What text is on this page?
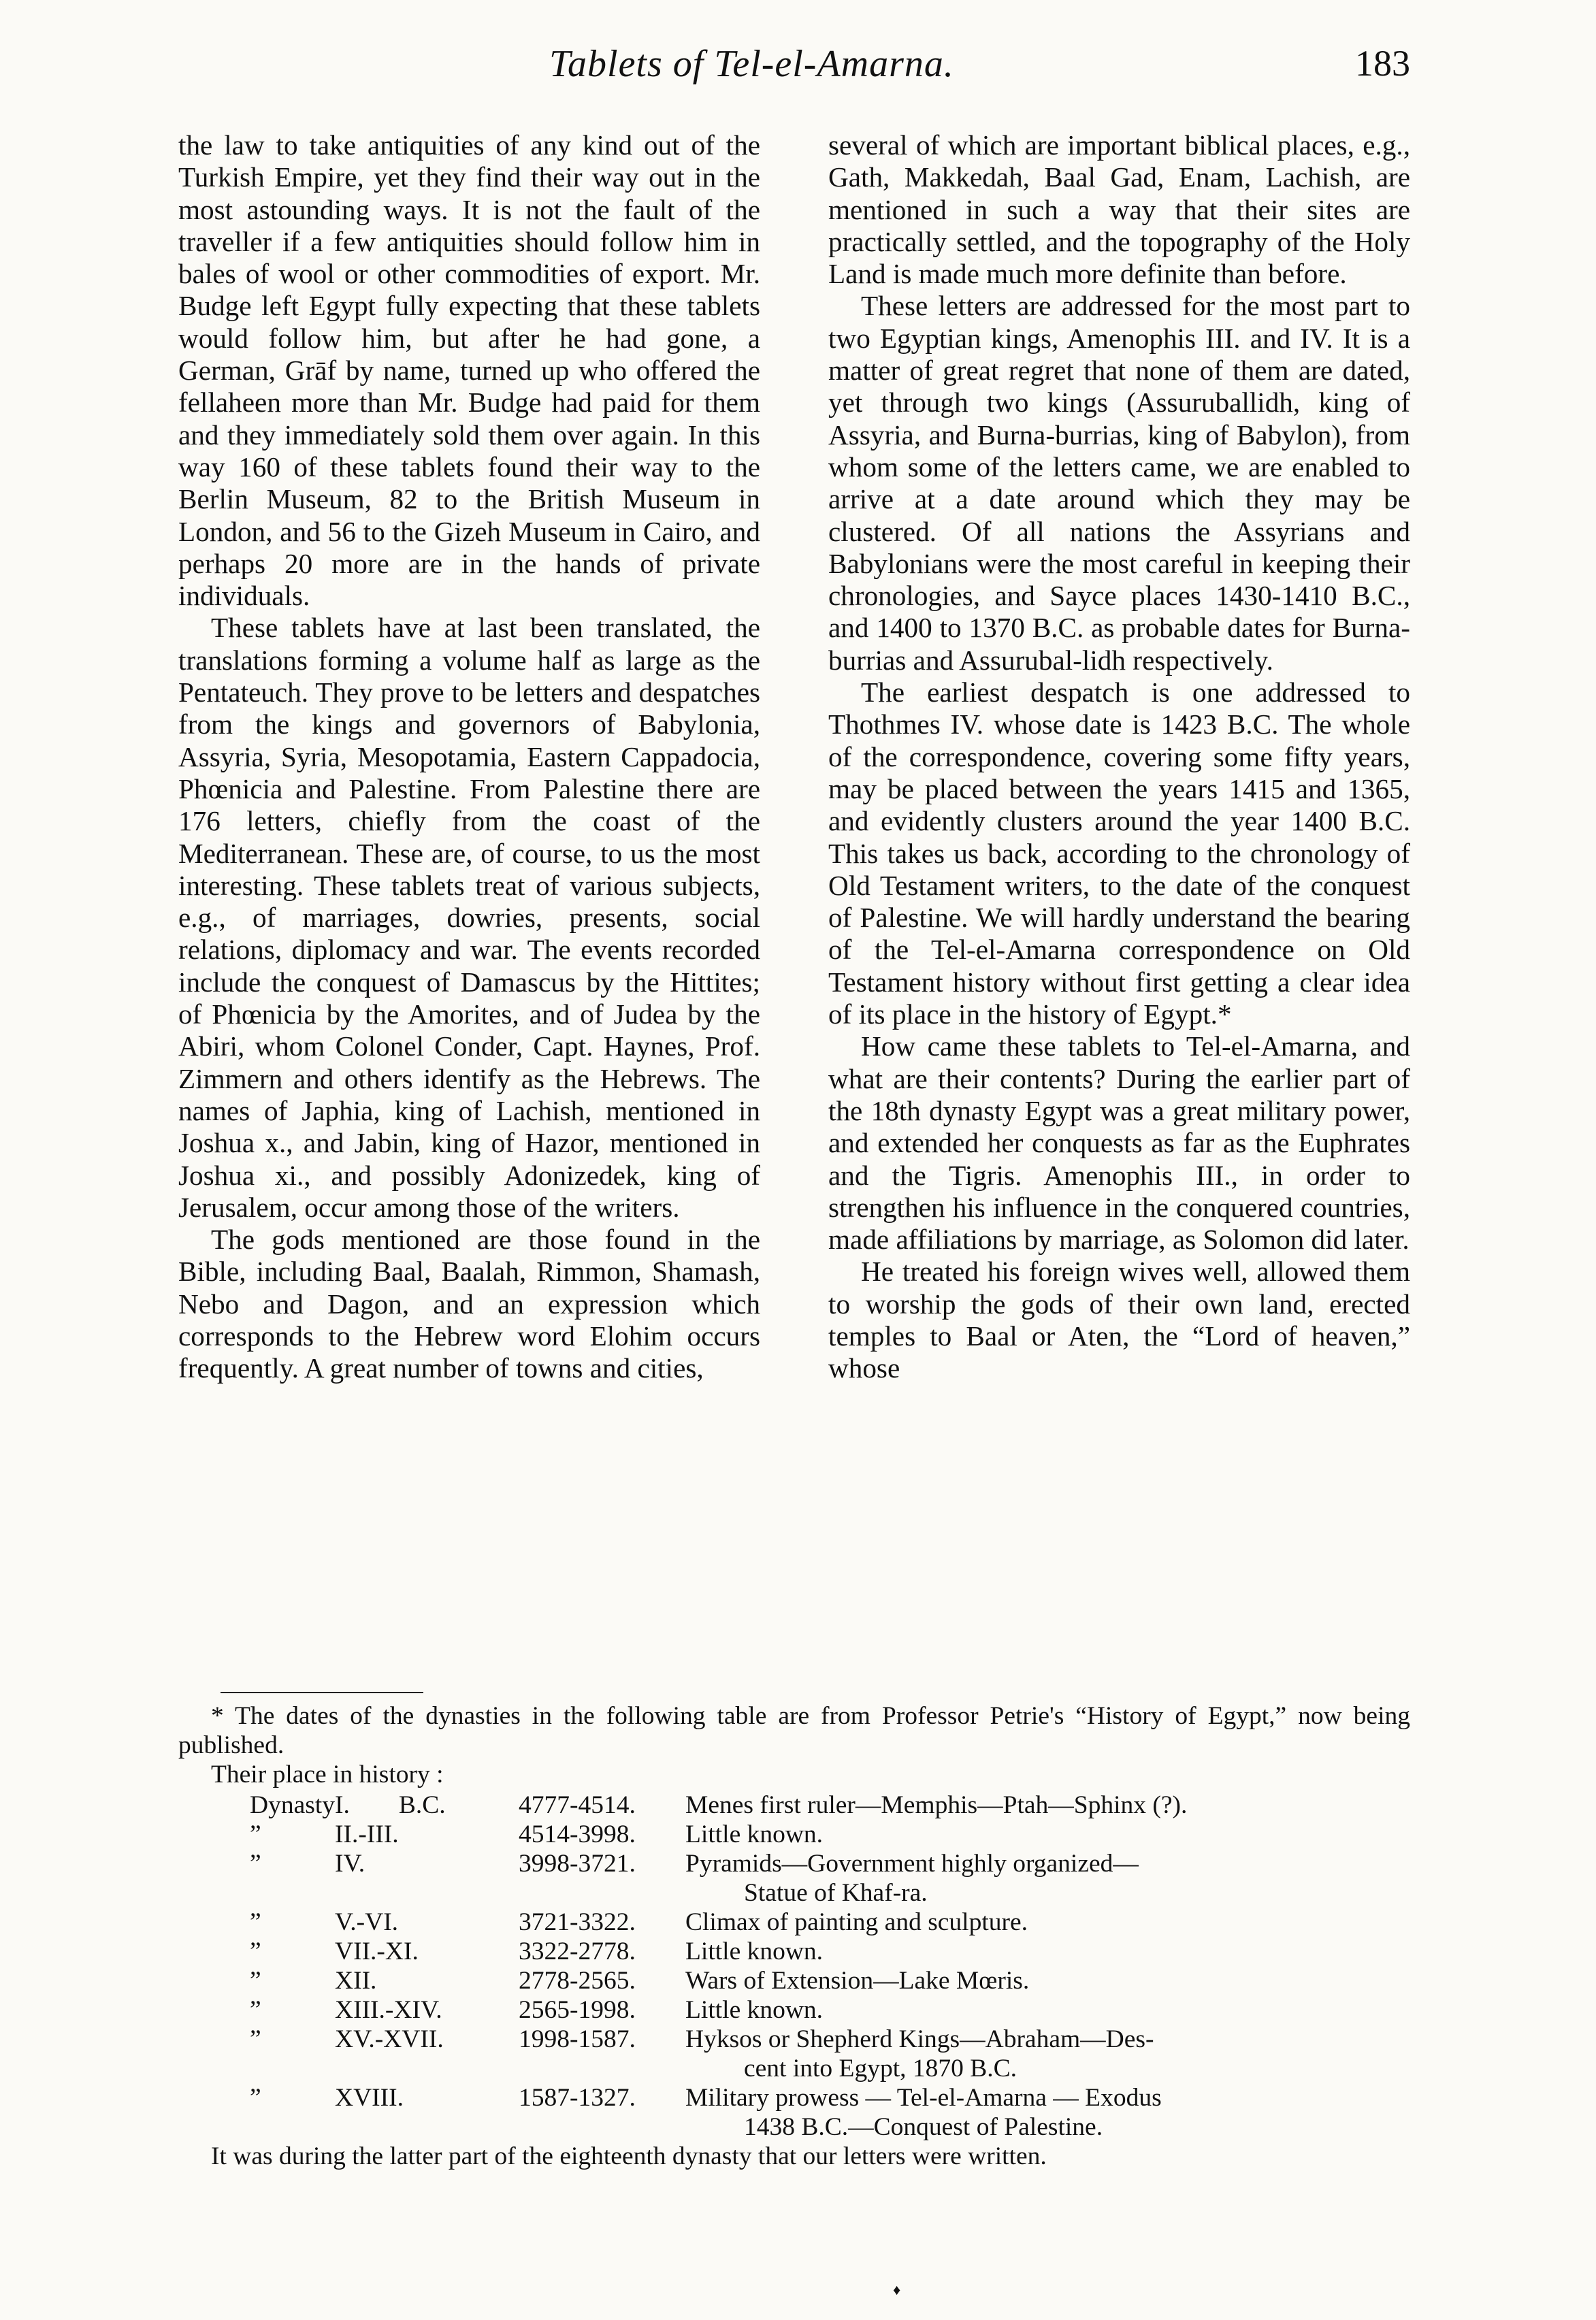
Tablets of Tel-el-Amarna.	183

the law to take antiquities of any kind out of the Turkish Empire, yet they find their way out in the most astounding ways. It is not the fault of the traveller if a few antiquities should follow him in bales of wool or other commodities of export. Mr. Budge left Egypt fully expecting that these tablets would follow him, but after he had gone, a German, Grāf by name, turned up who offered the fellaheen more than Mr. Budge had paid for them and they immediately sold them over again. In this way 160 of these tablets found their way to the Berlin Museum, 82 to the British Museum in London, and 56 to the Gizeh Museum in Cairo, and perhaps 20 more are in the hands of private individuals.

These tablets have at last been translated, the translations forming a volume half as large as the Pentateuch. They prove to be letters and despatches from the kings and governors of Babylonia, Assyria, Syria, Mesopotamia, Eastern Cappadocia, Phœnicia and Palestine. From Palestine there are 176 letters, chiefly from the coast of the Mediterranean. These are, of course, to us the most interesting. These tablets treat of various subjects, e.g., of marriages, dowries, presents, social relations, diplomacy and war. The events recorded include the conquest of Damascus by the Hittites; of Phœnicia by the Amorites, and of Judea by the Abiri, whom Colonel Conder, Capt. Haynes, Prof. Zimmern and others identify as the Hebrews. The names of Japhia, king of Lachish, mentioned in Joshua x., and Jabin, king of Hazor, mentioned in Joshua xi., and possibly Adonizedek, king of Jerusalem, occur among those of the writers.

The gods mentioned are those found in the Bible, including Baal, Baalah, Rimmon, Shamash, Nebo and Dagon, and an expression which corresponds to the Hebrew word Elohim occurs frequently. A great number of towns and cities,

several of which are important biblical places, e.g., Gath, Makkedah, Baal Gad, Enam, Lachish, are mentioned in such a way that their sites are practically settled, and the topography of the Holy Land is made much more definite than before.

These letters are addressed for the most part to two Egyptian kings, Amenophis III. and IV. It is a matter of great regret that none of them are dated, yet through two kings (Assuruballidh, king of Assyria, and Burna-burrias, king of Babylon), from whom some of the letters came, we are enabled to arrive at a date around which they may be clustered. Of all nations the Assyrians and Babylonians were the most careful in keeping their chronologies, and Sayce places 1430-1410 B.C., and 1400 to 1370 B.C. as probable dates for Burna-burrias and Assurubal-lidh respectively.

The earliest despatch is one addressed to Thothmes IV. whose date is 1423 B.C. The whole of the correspondence, covering some fifty years, may be placed between the years 1415 and 1365, and evidently clusters around the year 1400 B.C. This takes us back, according to the chronology of Old Testament writers, to the date of the conquest of Palestine. We will hardly understand the bearing of the Tel-el-Amarna correspondence on Old Testament history without first getting a clear idea of its place in the history of Egypt.*

How came these tablets to Tel-el-Amarna, and what are their contents? During the earlier part of the 18th dynasty Egypt was a great military power, and extended her conquests as far as the Euphrates and the Tigris. Amenophis III., in order to strengthen his influence in the conquered countries, made affiliations by marriage, as Solomon did later.

He treated his foreign wives well, allowed them to worship the gods of their own land, erected temples to Baal or Aten, the “Lord of heaven,” whose

* The dates of the dynasties in the following table are from Professor Petrie's “History of Egypt,” now being published.

Their place in history :

Dynasty	I. B.C.	4777-4514.	Menes first ruler—Memphis—Ptah—Sphinx (?).
”	II.-III.	4514-3998.	Little known.
”	IV.	3998-3721.	Pyramids—Government highly organized—
Statue of Khaf-ra.

”	V.-VI.	3721-3322.	Climax of painting and sculpture.
”	VII.-XI.	3322-2778.	Little known.
”	XII.	2778-2565.	Wars of Extension—Lake Mœris.
”	XIII.-XIV.	2565-1998.	Little known.
”	XV.-XVII.	1998-1587.	Hyksos or Shepherd Kings—Abraham—Des-
cent into Egypt, 1870 B.C.

”	XVIII.	1587-1327.	Military prowess — Tel-el-Amarna — Exodus
1438 B.C.—Conquest of Palestine.

It was during the latter part of the eighteenth dynasty that our letters were written.

♦
